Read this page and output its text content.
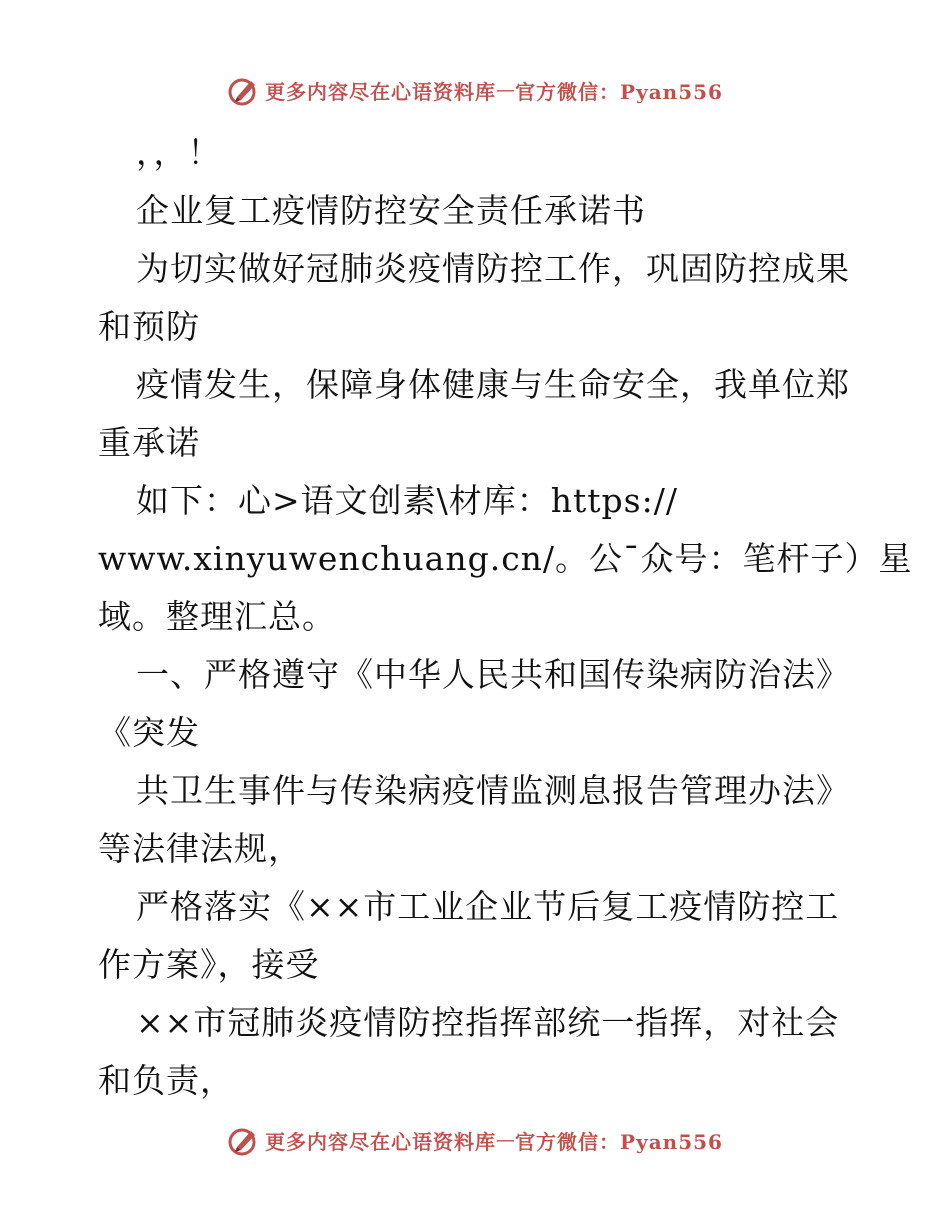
更多内容尽在心语资料库 — 官方微信：Pyan556
，，！
企业复工疫情防控安全责任承诺书
为切实做好冠肺炎疫情防控工作，巩固防控成果
和预防
疫情发生，保障身体健康与生命安全，我单位郑
重承诺
如下：心>语文创素\材库：https://
www.xinyuwenchuang.cn/。公¯众号：笔杆子）星
域。整理汇总。
一、严格遵守《中华人民共和国传染病防治法》
《突发
共卫生事件与传染病疫情监测息报告管理办法》
等法律法规，
严格落实《××市工业企业节后复工疫情防控工
作方案》，接受
××市冠肺炎疫情防控指挥部统一指挥，对社会
和负责，
更多内容尽在心语资料库 — 官方微信：Pyan556
